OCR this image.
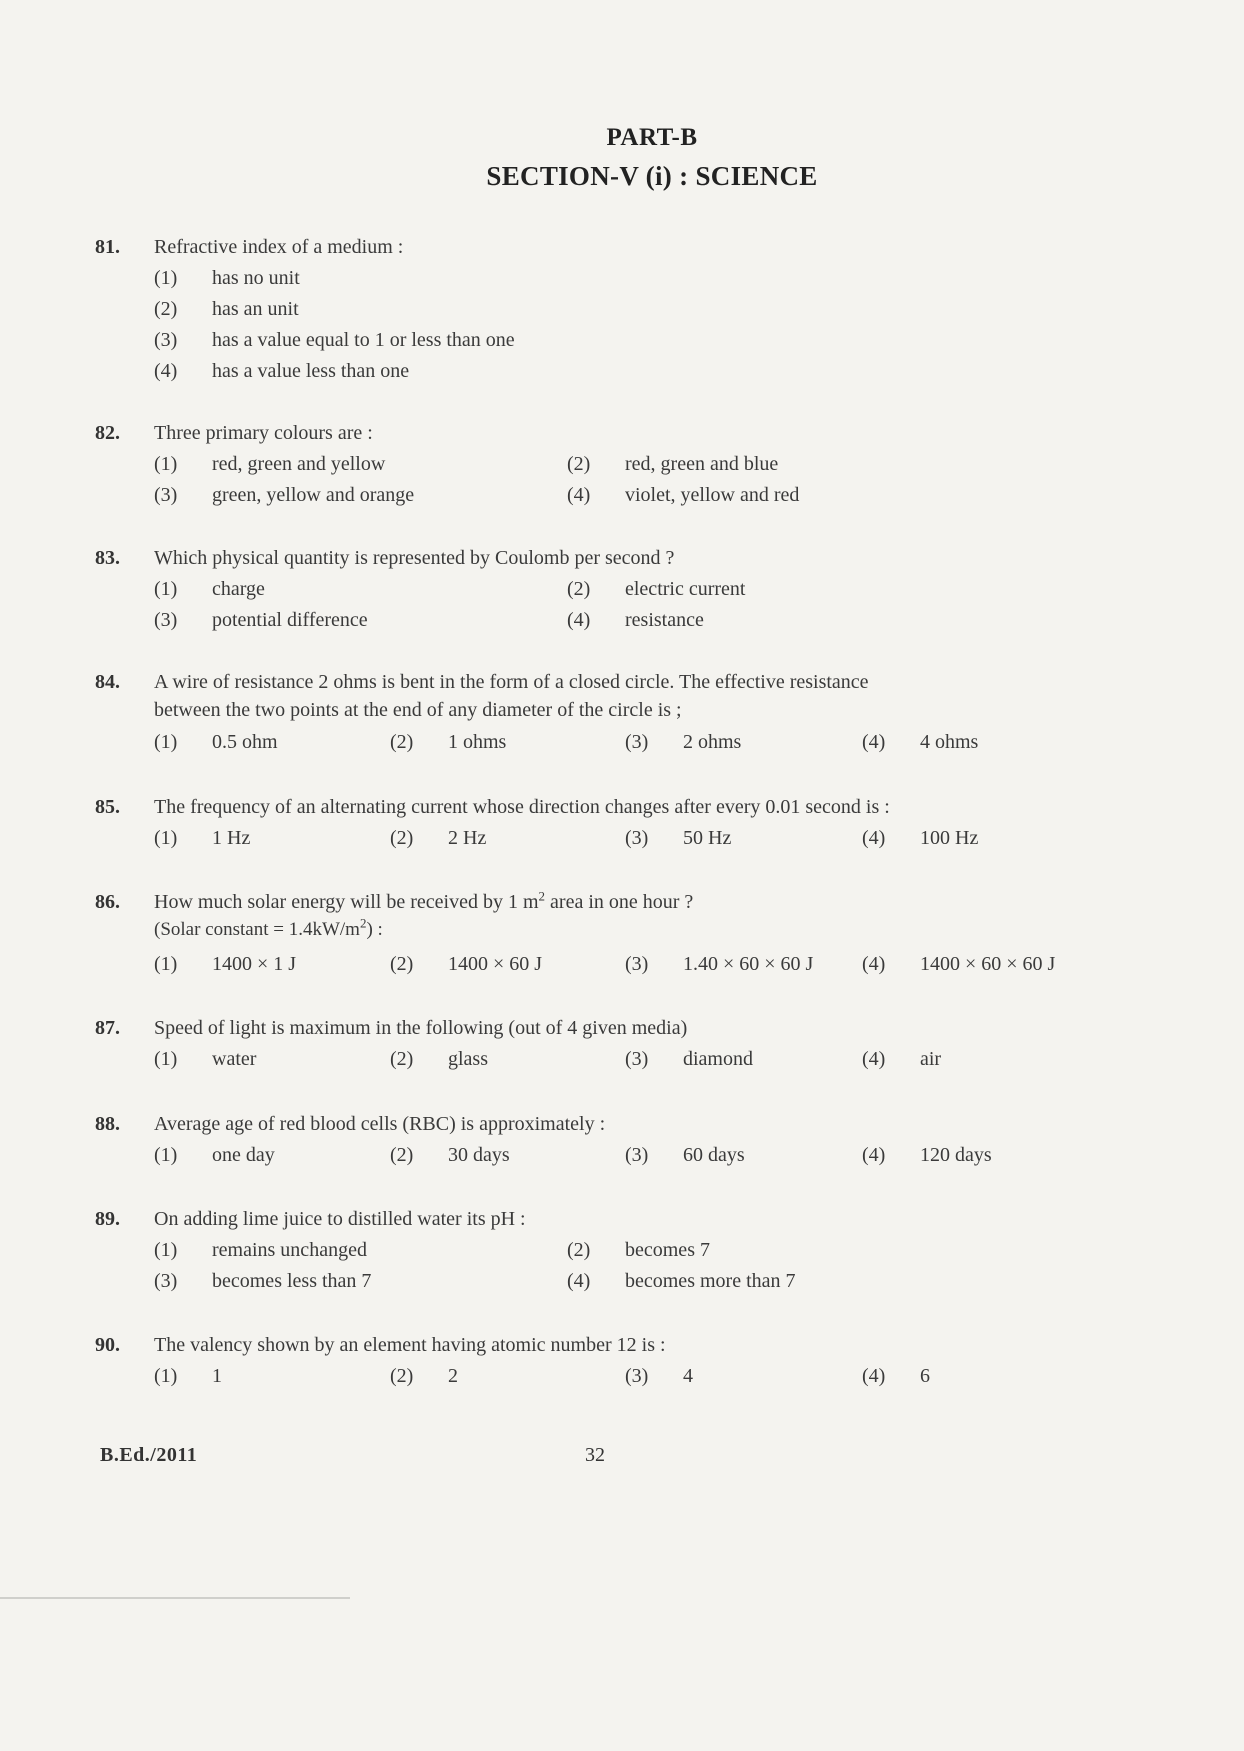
PART-B
SECTION-V (i) : SCIENCE
81. Refractive index of a medium :
(1) has no unit
(2) has an unit
(3) has a value equal to 1 or less than one
(4) has a value less than one
82. Three primary colours are :
(1) red, green and yellow	(2) red, green and blue
(3) green, yellow and orange	(4) violet, yellow and red
83. Which physical quantity is represented by Coulomb per second ?
(1) charge	(2) electric current
(3) potential difference	(4) resistance
84. A wire of resistance 2 ohms is bent in the form of a closed circle. The effective resistance
between the two points at the end of any diameter of the circle is ;
(1) 0.5 ohm	(2) 1 ohms	(3) 2 ohms	(4) 4 ohms
85. The frequency of an alternating current whose direction changes after every 0.01 second is :
(1) 1 Hz	(2) 2 Hz	(3) 50 Hz	(4) 100 Hz
86. How much solar energy will be received by 1 $m^2$ area in one hour ?
(Solar constant = $1.4kW/m^2$) :
(1) 1400 × 1 J	(2) 1400 × 60 J	(3) 1.40 × 60 × 60 J (4) 1400 × 60 × 60 J
87. Speed of light is maximum in the following (out of 4 given media)
(1) water	(2) glass	(3) diamond	(4) air
88. Average age of red blood cells (RBC) is approximately :
(1) one day	(2) 30 days	(3) 60 days	(4) 120 days
89. On adding lime juice to distilled water its pH :
(1) remains unchanged	(2) becomes 7
(3) becomes less than 7	(4) becomes more than 7
90. The valency shown by an element having atomic number 12 is :
(1) 1	(2) 2	(3) 4	(4) 6
B.Ed./2011	32
